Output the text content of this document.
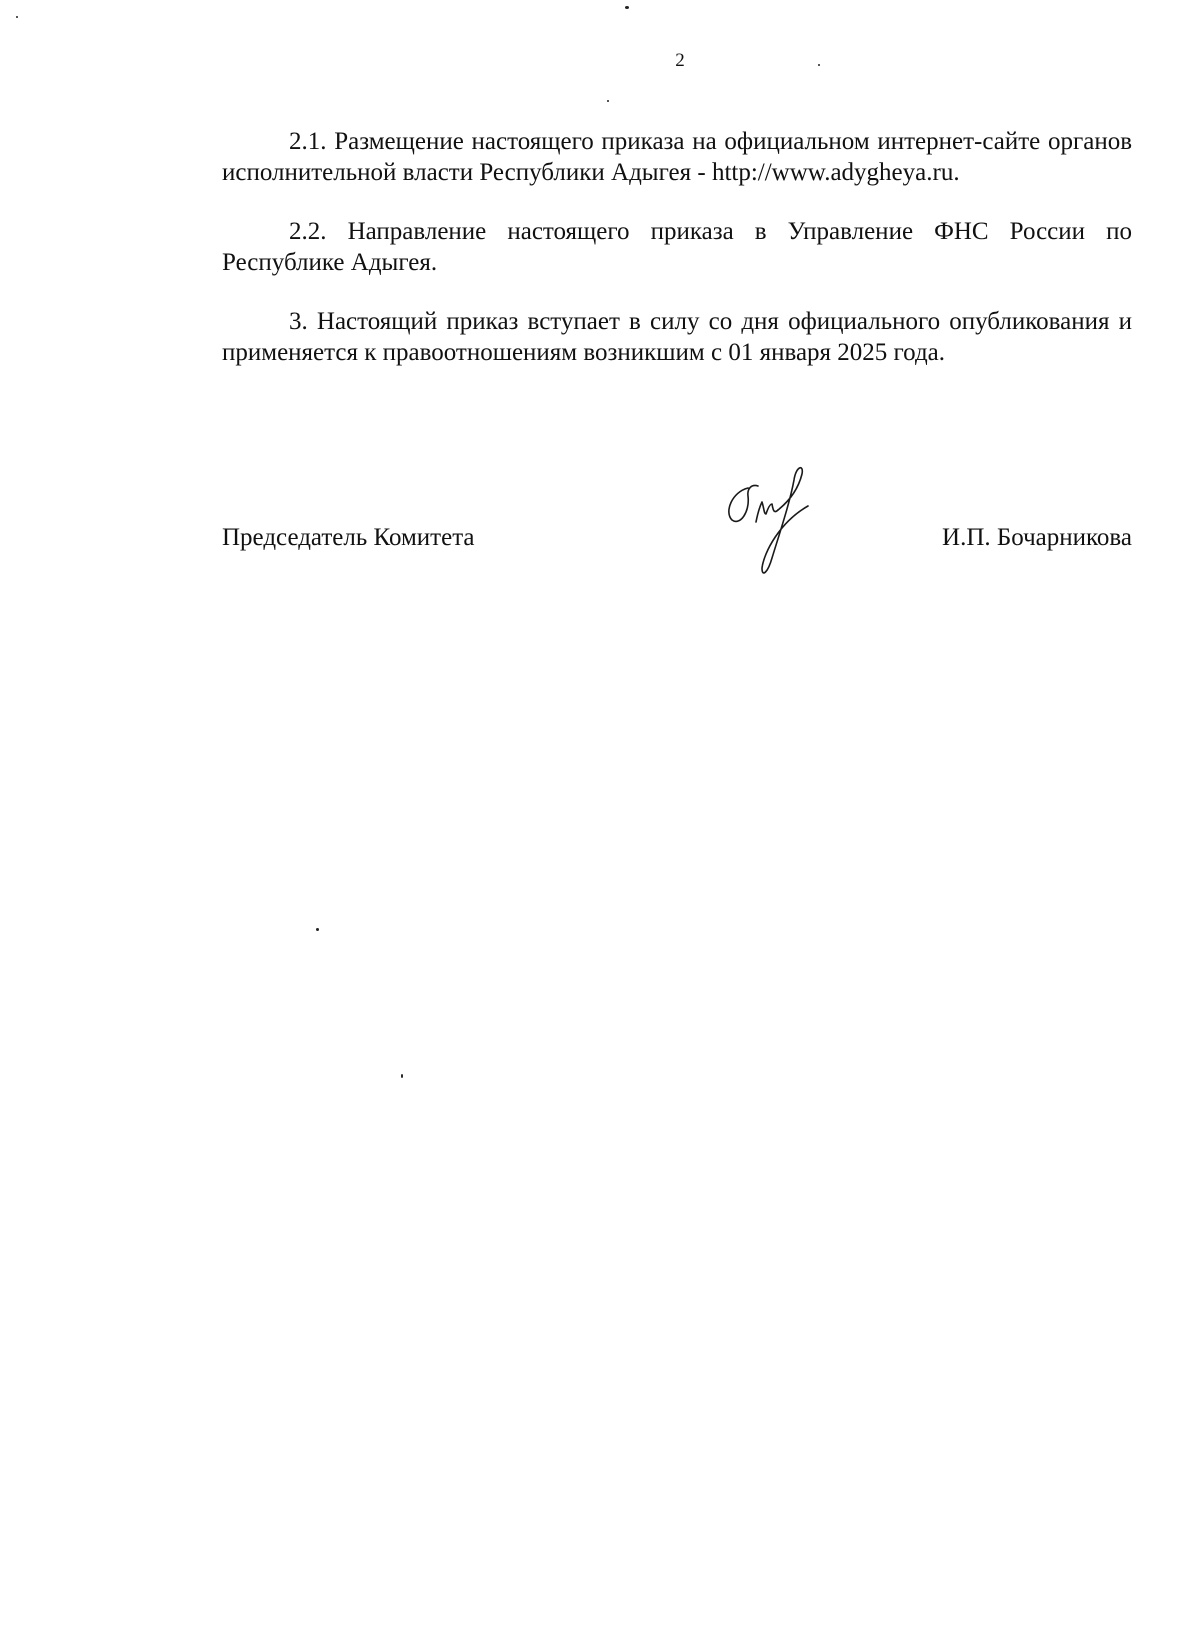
2

2.1. Размещение настоящего приказа на официальном интернет-сайте органов исполнительной власти Республики Адыгея - http://www.adygheya.ru.

2.2. Направление настоящего приказа в Управление ФНС России по Республике Адыгея.

3. Настоящий приказ вступает в силу со дня официального опубликования и применяется к правоотношениям возникшим с 01 января 2025 года.

Председатель Комитета	И.П. Бочарникова
